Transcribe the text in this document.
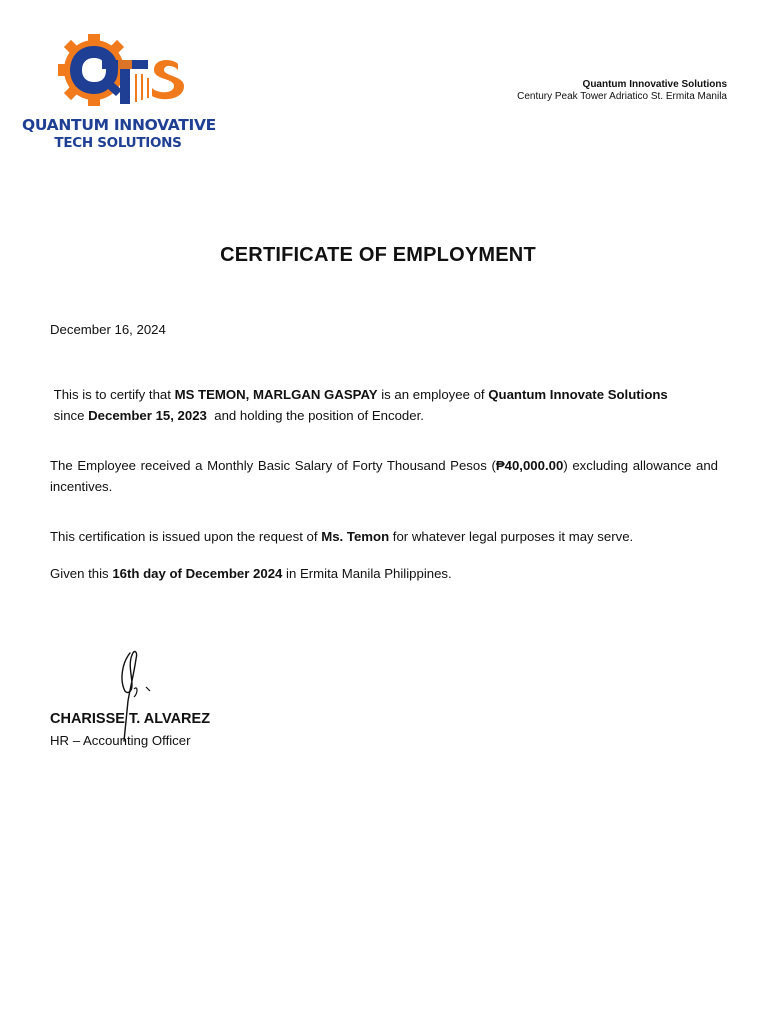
QUANTUM INNOVATIVE
TECH SOLUTIONS
Quantum Innovative Solutions
Century Peak Tower Adriatico St. Ermita Manila
CERTIFICATE OF EMPLOYMENT

December 16, 2024

This is to certify that MS TEMON, MARLGAN GASPAY is an employee of Quantum Innovate Solutions
since December 15, 2023  and holding the position of Encoder.

The Employee received a Monthly Basic Salary of Forty Thousand Pesos (₱40,000.00) excluding allowance and incentives.

This certification is issued upon the request of Ms. Temon for whatever legal purposes it may serve.

Given this 16th day of December 2024 in Ermita Manila Philippines.

CHARISSE T. ALVAREZ

HR – Accounting Officer
